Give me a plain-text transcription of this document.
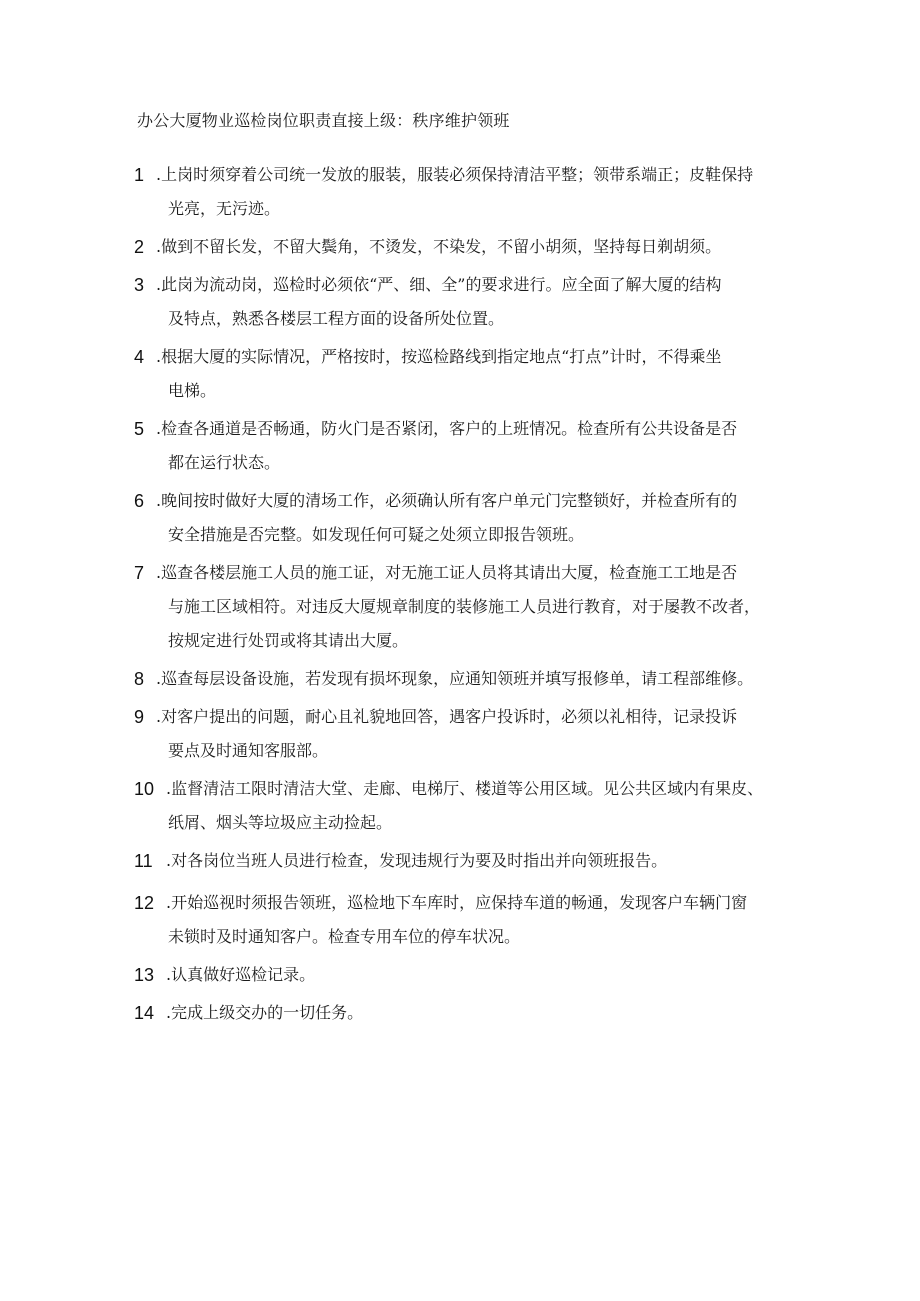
办公大厦物业巡检岗位职责直接上级：秩序维护领班
1 .上岗时须穿着公司统一发放的服装，服装必须保持清洁平整；领带系端正；皮鞋保持
光亮，无污迹。
2 .做到不留长发，不留大鬓角，不烫发，不染发，不留小胡须，坚持每日剃胡须。
3 .此岗为流动岗，巡检时必须依“严、细、全”的要求进行。应全面了解大厦的结构
及特点，熟悉各楼层工程方面的设备所处位置。
4 .根据大厦的实际情况，严格按时，按巡检路线到指定地点“打点”计时，不得乘坐
电梯。
5 .检查各通道是否畅通，防火门是否紧闭，客户的上班情况。检查所有公共设备是否
都在运行状态。
6 .晚间按时做好大厦的清场工作，必须确认所有客户单元门完整锁好，并检查所有的
安全措施是否完整。如发现任何可疑之处须立即报告领班。
7 .巡查各楼层施工人员的施工证，对无施工证人员将其请出大厦，检查施工工地是否
与施工区域相符。对违反大厦规章制度的装修施工人员进行教育，对于屡教不改者，
按规定进行处罚或将其请出大厦。
8 .巡查每层设备设施，若发现有损坏现象，应通知领班并填写报修单，请工程部维修。
9 .对客户提出的问题，耐心且礼貌地回答，遇客户投诉时，必须以礼相待，记录投诉
要点及时通知客服部。
10 .监督清洁工限时清洁大堂、走廊、电梯厅、楼道等公用区域。见公共区域内有果皮、
纸屑、烟头等垃圾应主动捡起。
11 .对各岗位当班人员进行检查，发现违规行为要及时指出并向领班报告。
12 .开始巡视时须报告领班，巡检地下车库时，应保持车道的畅通，发现客户车辆门窗
未锁时及时通知客户。检查专用车位的停车状况。
13 .认真做好巡检记录。
14 .完成上级交办的一切任务。
